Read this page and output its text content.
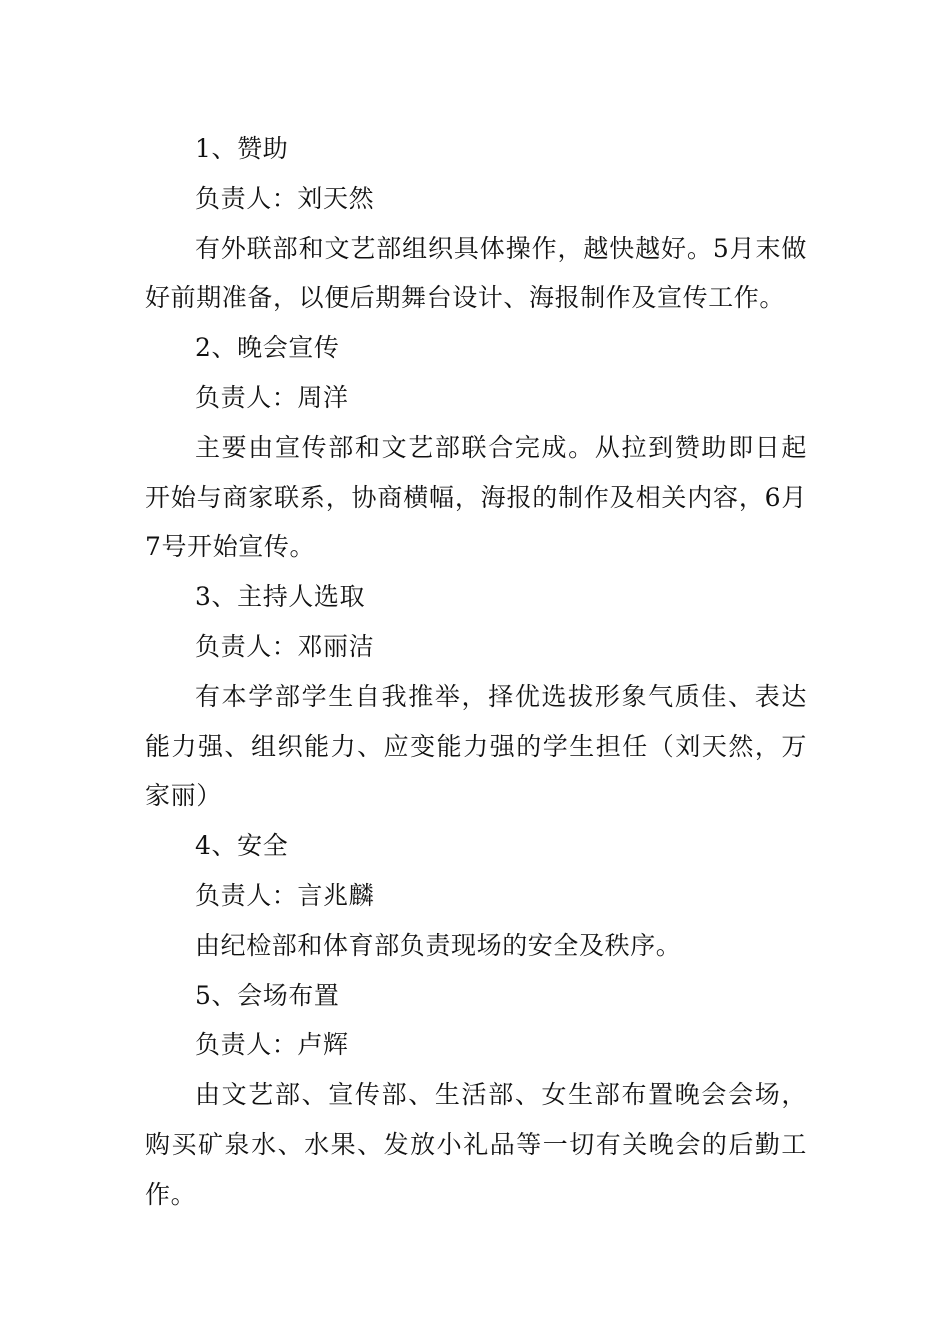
1、赞助

负责人：刘天然

有外联部和文艺部组织具体操作，越快越好。5月末做好前期准备，以便后期舞台设计、海报制作及宣传工作。

2、晚会宣传

负责人：周洋

主要由宣传部和文艺部联合完成。从拉到赞助即日起开始与商家联系，协商横幅，海报的制作及相关内容，6月7号开始宣传。

3、主持人选取

负责人：邓丽洁

有本学部学生自我推举，择优选拔形象气质佳、表达能力强、组织能力、应变能力强的学生担任（刘天然，万家丽）

4、安全

负责人：言兆麟

由纪检部和体育部负责现场的安全及秩序。

5、会场布置

负责人：卢辉

由文艺部、宣传部、生活部、女生部布置晚会会场，购买矿泉水、水果、发放小礼品等一切有关晚会的后勤工作。
